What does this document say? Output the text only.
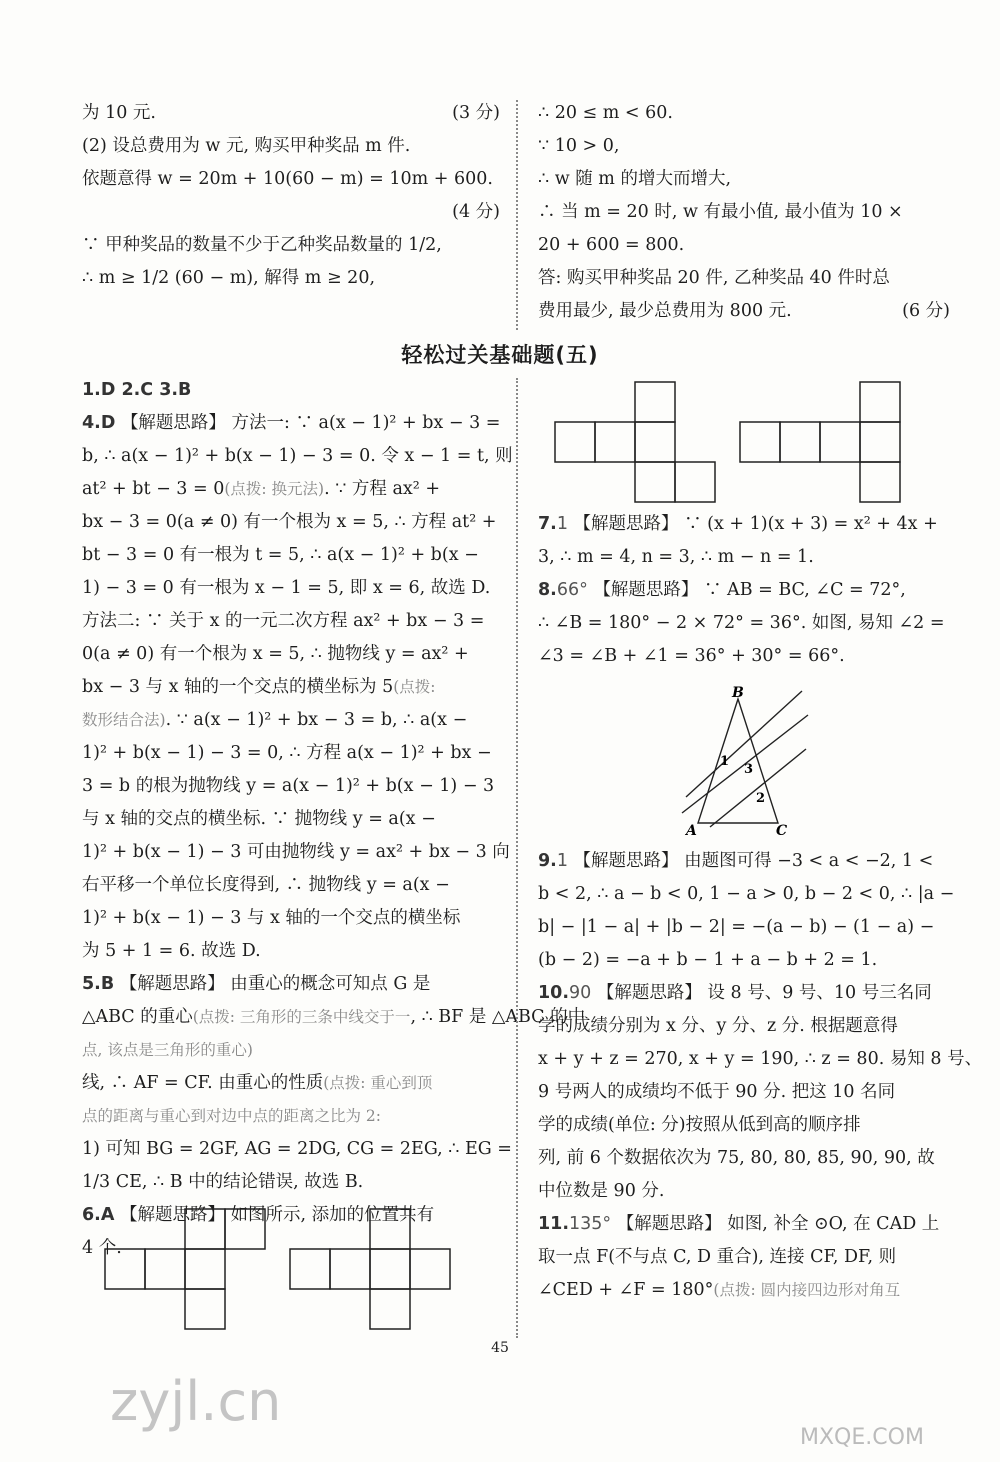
(3 分)
为 10 元.
(2) 设总费用为 w 元, 购买甲种奖品 m 件.
依题意得 w = 20m + 10(60 − m) = 10m + 600.
(4 分)
∵ 甲种奖品的数量不少于乙种奖品数量的 1/2,
∴ m ≥ 1/2 (60 − m), 解得 m ≥ 20,
∴ 20 ≤ m < 60.
∵ 10 > 0,
∴ w 随 m 的增大而增大,
∴ 当 m = 20 时, w 有最小值, 最小值为 10 ×
20 + 600 = 800.
答: 购买甲种奖品 20 件, 乙种奖品 40 件时总
(6 分)
费用最少, 最少总费用为 800 元.
轻松过关基础题(五)
1.D 2.C 3.B
4.D 【解题思路】 方法一: ∵ a(x − 1)² + bx − 3 =
b, ∴ a(x − 1)² + b(x − 1) − 3 = 0. 令 x − 1 = t, 则
at² + bt − 3 = 0(点拨: 换元法). ∵ 方程 ax² +
bx − 3 = 0(a ≠ 0) 有一个根为 x = 5, ∴ 方程 at² +
bt − 3 = 0 有一根为 t = 5, ∴ a(x − 1)² + b(x −
1) − 3 = 0 有一根为 x − 1 = 5, 即 x = 6, 故选 D.
方法二: ∵ 关于 x 的一元二次方程 ax² + bx − 3 =
0(a ≠ 0) 有一个根为 x = 5, ∴ 抛物线 y = ax² +
bx − 3 与 x 轴的一个交点的横坐标为 5(点拨:
数形结合法). ∵ a(x − 1)² + bx − 3 = b, ∴ a(x −
1)² + b(x − 1) − 3 = 0, ∴ 方程 a(x − 1)² + bx −
3 = b 的根为抛物线 y = a(x − 1)² + b(x − 1) − 3
与 x 轴的交点的横坐标. ∵ 抛物线 y = a(x −
1)² + b(x − 1) − 3 可由抛物线 y = ax² + bx − 3 向
右平移一个单位长度得到, ∴ 抛物线 y = a(x −
1)² + b(x − 1) − 3 与 x 轴的一个交点的横坐标
为 5 + 1 = 6. 故选 D.
5.B 【解题思路】 由重心的概念可知点 G 是
△ABC 的重心(点拨: 三角形的三条中线交于一, ∴ BF 是 △ABC 的中
点, 该点是三角形的重心)
线, ∴ AF = CF. 由重心的性质(点拨: 重心到顶
点的距离与重心到对边中点的距离之比为 2:
1) 可知 BG = 2GF, AG = 2DG, CG = 2EG, ∴ EG =
1/3 CE, ∴ B 中的结论错误, 故选 B.
6.A 【解题思路】 如图所示, 添加的位置共有
4 个.
7.1 【解题思路】 ∵ (x + 1)(x + 3) = x² + 4x +
3, ∴ m = 4, n = 3, ∴ m − n = 1.
8.66° 【解题思路】 ∵ AB = BC, ∠C = 72°,
∴ ∠B = 180° − 2 × 72° = 36°. 如图, 易知 ∠2 =
∠3 = ∠B + ∠1 = 36° + 30° = 66°.
9.1 【解题思路】 由题图可得 −3 < a < −2, 1 <
b < 2, ∴ a − b < 0, 1 − a > 0, b − 2 < 0, ∴ |a −
b| − |1 − a| + |b − 2| = −(a − b) − (1 − a) −
(b − 2) = −a + b − 1 + a − b + 2 = 1.
10.90 【解题思路】 设 8 号、9 号、10 号三名同
学的成绩分别为 x 分、y 分、z 分. 根据题意得
x + y + z = 270, x + y = 190, ∴ z = 80. 易知 8 号、
9 号两人的成绩均不低于 90 分. 把这 10 名同
学的成绩(单位: 分)按照从低到高的顺序排
列, 前 6 个数据依次为 75, 80, 80, 85, 90, 90, 故
中位数是 90 分.
11.135° 【解题思路】 如图, 补全 ⊙O, 在 CAD 上
取一点 F(不与点 C, D 重合), 连接 CF, DF, 则
∠CED + ∠F = 180°(点拨: 圆内接四边形对角互
B
A	C
1
3
2
45
zyjl.cn
MXQE.COM
